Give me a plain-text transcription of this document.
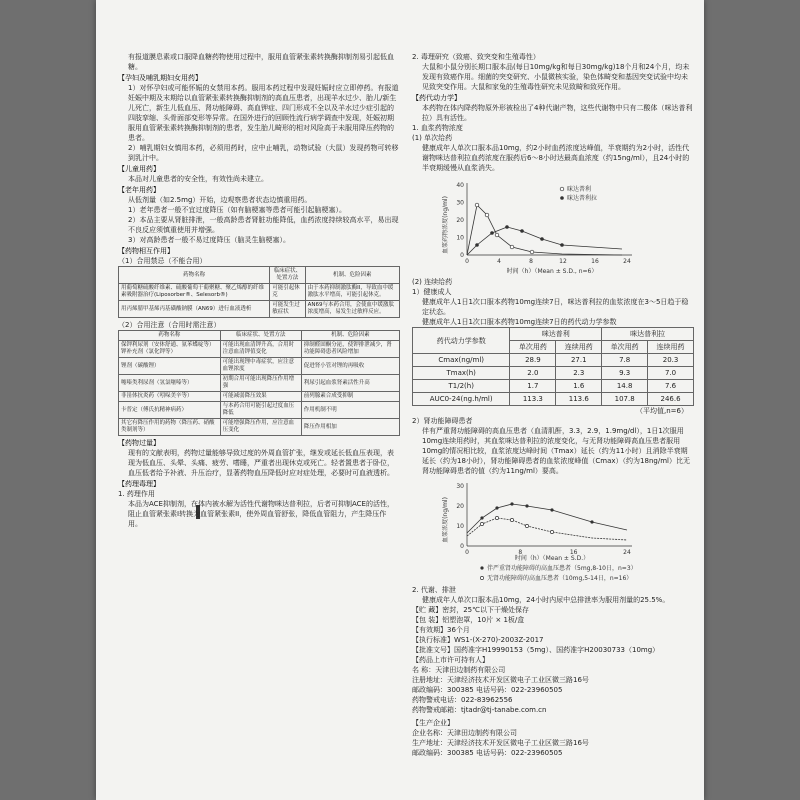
有报道膜息素或口服降血糖药物使用过程中，服用血管紧张素转换酶抑制剂易引起低血糖。

【孕妇及哺乳期妇女用药】

1）对怀孕妇或可能怀娠的女禁用本药。服用本药过程中发现妊娠时应立即停药。有报道妊娠中期及末期给以血管紧张素转换酶抑制剂的高血压患者，出现羊水过少、胎儿/新生儿死亡，新生儿低血压、肾功能障碍、高血钾症、四门形成不全以及羊水过少症引起的四肢挛缩、头骨面部变形等异常。在国外进行的回顾性流行病学调查中发现，妊娠初期服用血管紧张素转换酶抑制剂的患者，发生胎儿畸形的相对风险高于未服用降压药物的患者。

2）哺乳期妇女慎用本药，必须用药时，应中止哺乳，动物试验（大鼠）发现药物可转移到乳汁中。

【儿童用药】

本品对儿童患者的安全性，有效性尚未建立。

【老年用药】

从低剂量（如2.5mg）开始，边观察患者状态边慎重用药。

1）老年患者一般不宜过度降压（如有脑梗塞等患者可能引起脑梗塞）。

2）本品主要从肾脏排泄，一般高龄患者肾脏功能降低，血药浓度持续较高水平，易出现不良反应须慎重使用并增强。

3）对高龄患者一般不易过度降压（脑灵生脑梗塞）。

【药物相互作用】

（1）合用禁忌（不能合用）

药物名称	临床症状、处置方法	机制、危险因素
用葡萄糖硫酸纤维素、硫酸葡萄干葡聚糖、聚乙烯醇的纤维素吸附器治疗(Liposorber®、Selesorb®)	可能引起休克	由于本药抑制激肽酶II，导致血中缓激肽水平增高，可能引起休克。
用丙烯腈甲基烯丙基磺酸钠膜（AN69）进行血液透析	可能发生过敏症状	AN69与本药合用，会使血中缓激肽浓度增高，易发生过敏样反应。

（2）合用注意（合用时需注意）

药物名称	临床症状、处置方法	机制、危险因素
保钾利尿剂（安体舒通、氨苯蝶啶等）钾补充剂（氯化钾等）	可能出现血清钾升高，合用时注意血清钾值变化	抑制醛固酮分泌，使钾排泄减少，肾功能障碍患者风险增加
锂剂（碳酸锂）	可能出现锂中毒症状，应注意血锂浓度	促进肾小管对锂的再吸收
噻嗪类利尿剂（氢氯噻嗪等）	初期合用可能出现降压作用增强	利尿引起血浆肾素活性升高
非甾体抗炎药（吲哚美辛等）	可能减弱降压效果	前列腺素合成受抑制
卡普定（傅氏抗精神病药）	与本药合用可能引起过度血压降低	作用机制不明
其它有降压作用的药物（降压药、硝酸类制剂等）	可能增强降压作用，应注意血压变化	降压作用相加

【药物过量】

现有的文献表明，药物过量能够导致过度的外周血管扩张，继发或延长低血压表现，表现为低血压、头晕、头痛、疲劳、嗜睡，严重者出现休克或死亡。轻者置患者于卧位，血压低者给予补液、升压治疗，显著药物血压降低时应对症处理，必要时可血液透析。

【药理毒理】

1. 药理作用

本品为ACE抑制剂，在体内被水解为活性代谢物咪达普利拉，后者可抑制ACE的活性，阻止血管紧张素I转换为血管紧张素II，使外周血管舒张，降低血管阻力，产生降压作用。

2. 毒理研究（致癌、致突变和生殖毒性）

大鼠和小鼠分别长期口服本品(每日10mg/kg和每日30mg/kg)18个月和24个月，均未发现有致癌作用。细菌的突变研究、小鼠微核实验，染色体畸变和基因突变试验中均未见致突变作用。大鼠和家兔的生殖毒性研究未见致畸和致死作用。

【药代动力学】

本药物在体内降药物原外形被检出了4种代谢产物，这些代谢物中只有二酸体（咪达普利拉）具有活性。

1. 血浆药物浓度

(1) 单次给药

健康成年人单次口服本品10mg，约2小时血药浓度达峰值，半衰期约为2小时，活性代谢物咪达普利拉血药浓度在服药后6～8小时达最高血浓度（约15ng/ml），且24小时的半衰期缓慢从血浆消失。

血浆药物浓度(ng/ml)
0
10
20
30
40
0	4	8	12	16	24
咪达普利
咪达普利拉
时间（h）（Mean ± S.D., n=6）

(2) 连续给药

1）健康成人

健康成年人1日1次口服本药物10mg连续7日，咪达普利拉的血浆浓度在3～5日趋于稳定状态。

健康成年人1日1次口服本药物10mg连续7日的药代动力学参数

药代动力学参数	咪达普利		咪达普利拉	
	单次用药	连续用药	单次用药	连续用药
Cmax(ng/ml)	28.9	27.1	7.8	20.3
Tmax(h)	2.0	2.3	9.3	7.0
T1/2(h)	1.7	1.6	14.8	7.6
AUC0-24(ng.h/ml)	113.3	113.6	107.8	246.6

（平均值,n=6）

2）肾功能障碍患者

伴有严重肾功能障碍的高血压患者（血清肌酐，3.3，2.9，1.9mg/dl），1日1次服用10mg连续用药时，其血浆咪达普利拉的浓度变化，与无肾功能障碍高血压患者服用10mg的情况相比较，血浆浓度达峰时间（Tmax）延长（约为11小时）且消除半衰期延长（约为18小时），肾功能障碍患者的血浆浓度峰值（Cmax）（约为18ng/ml）比无肾功能障碍患者的值（约为11ng/ml）要高。

血浆浓度(ng/ml)
0
10
20
30
0	8	16	24
时间（h）（Mean ± S.D.）
伴严重肾功能障碍的高血压患者（5mg,8-10日，n=3）
无肾功能障碍的高血压患者（10mg,5-14日，n=16）

2. 代谢、排泄

健康成年人单次口服本品10mg，24小时内尿中总排泄率为服用剂量的25.5%。

【贮 藏】密封，25℃以下干燥处保存

【包 装】铝塑泡罩，10片 × 1板/盒

【有效期】36个月

【执行标准】WS1-(X-270)-2003Z-2017

【批准文号】国药准字H19990153（5mg）、国药准字H20030733（10mg）

【药品上市许可持有人】

名 称：天津田边制药有限公司

注册地址：天津经济技术开发区微电子工业区微三路16号

邮政编码：300385 电话号码：022-23960505

药物警戒电话：022-83962556

药物警戒邮箱：tjtadr@tj-tanabe.com.cn

【生产企业】

企业名称：天津田边制药有限公司

生产地址：天津经济技术开发区微电子工业区微三路16号

邮政编码：300385 电话号码：022-23960505
